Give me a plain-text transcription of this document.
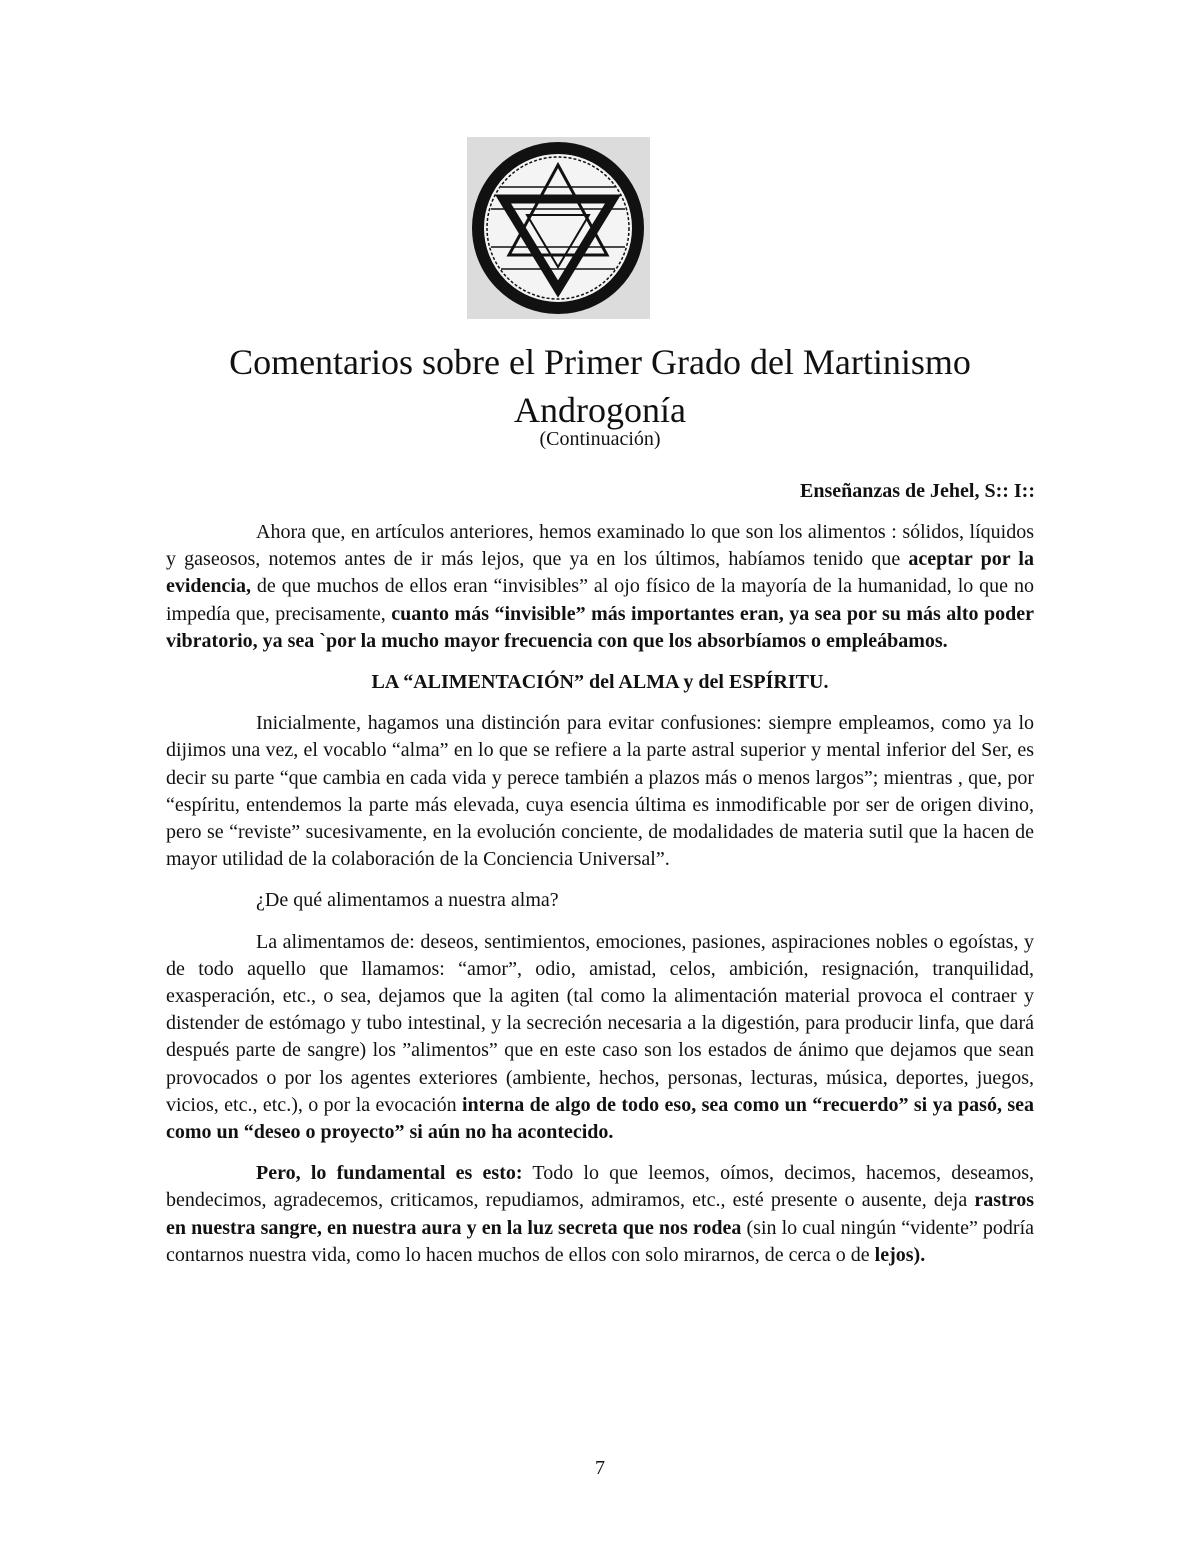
Comentarios sobre el Primer Grado del Martinismo
Androgonía
(Continuación)
Enseñanzas de Jehel, S:: I::

Ahora que, en artículos anteriores, hemos examinado lo que son los alimentos : sólidos, líquidos y gaseosos, notemos antes de ir más lejos, que ya en los últimos, habíamos tenido que aceptar por la evidencia, de que muchos de ellos eran “invisibles” al ojo físico de la mayoría de la humanidad, lo que no impedía que, precisamente, cuanto más “invisible” más importantes eran, ya sea por su más alto poder vibratorio, ya sea `por la mucho mayor frecuencia con que los absorbíamos o empleábamos.

LA “ALIMENTACIÓN” del ALMA y del ESPÍRITU.

Inicialmente, hagamos una distinción para evitar confusiones: siempre empleamos, como ya lo dijimos una vez, el vocablo “alma” en lo que se refiere a la parte astral superior y mental inferior del Ser, es decir su parte “que cambia en cada vida y perece también a plazos más o menos largos”; mientras , que, por “espíritu, entendemos la parte más elevada, cuya esencia última es inmodificable por ser de origen divino, pero se “reviste” sucesivamente, en la evolución conciente, de modalidades de materia sutil que la hacen de mayor utilidad de la colaboración de la Conciencia Universal”.

¿De qué alimentamos a nuestra alma?

La alimentamos de: deseos, sentimientos, emociones, pasiones, aspiraciones nobles o egoístas, y de todo aquello que llamamos: “amor”, odio, amistad, celos, ambición, resignación, tranquilidad, exasperación, etc., o sea, dejamos que la agiten (tal como la alimentación material provoca el contraer y distender de estómago y tubo intestinal, y la secreción necesaria a la digestión, para producir linfa, que dará después parte de sangre) los ”alimentos” que en este caso son los estados de ánimo que dejamos que sean provocados o por los agentes exteriores (ambiente, hechos, personas, lecturas, música, deportes, juegos, vicios, etc., etc.), o por la evocación interna de algo de todo eso, sea como un “recuerdo” si ya pasó, sea como un “deseo o proyecto” si aún no ha acontecido.

Pero, lo fundamental es esto: Todo lo que leemos, oímos, decimos, hacemos, deseamos, bendecimos, agradecemos, criticamos, repudiamos, admiramos, etc., esté presente o ausente, deja rastros en nuestra sangre, en nuestra aura y en la luz secreta que nos rodea (sin lo cual ningún “vidente” podría contarnos nuestra vida, como lo hacen muchos de ellos con solo mirarnos, de cerca o de lejos).

7
